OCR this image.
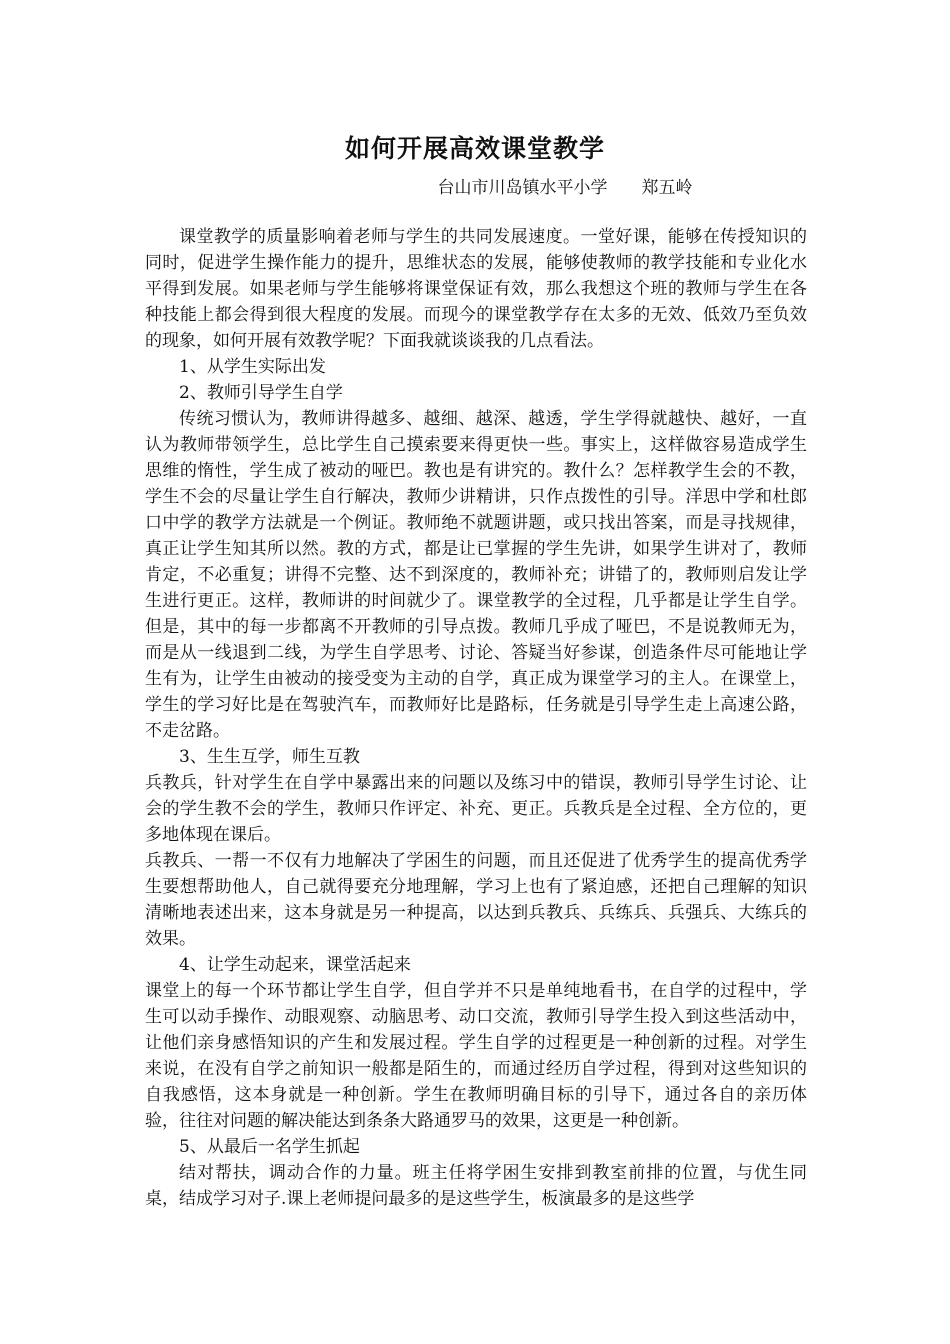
如何开展高效课堂教学
台山市川岛镇水平小学 郑五岭

课堂教学的质量影响着老师与学生的共同发展速度。一堂好课，能够在传授知识的同时，促进学生操作能力的提升，思维状态的发展，能够使教师的教学技能和专业化水平得到发展。如果老师与学生能够将课堂保证有效，那么我想这个班的教师与学生在各种技能上都会得到很大程度的发展。而现今的课堂教学存在太多的无效、低效乃至负效的现象，如何开展有效教学呢？下面我就谈谈我的几点看法。

1、从学生实际出发

2、教师引导学生自学

传统习惯认为，教师讲得越多、越细、越深、越透，学生学得就越快、越好，一直认为教师带领学生，总比学生自己摸索要来得更快一些。事实上，这样做容易造成学生思维的惰性，学生成了被动的哑巴。教也是有讲究的。教什么？怎样教学生会的不教，学生不会的尽量让学生自行解决，教师少讲精讲，只作点拨性的引导。洋思中学和杜郎口中学的教学方法就是一个例证。教师绝不就题讲题，或只找出答案，而是寻找规律，真正让学生知其所以然。教的方式，都是让已掌握的学生先讲，如果学生讲对了，教师肯定，不必重复；讲得不完整、达不到深度的，教师补充；讲错了的，教师则启发让学生进行更正。这样，教师讲的时间就少了。课堂教学的全过程，几乎都是让学生自学。但是，其中的每一步都离不开教师的引导点拨。教师几乎成了哑巴，不是说教师无为，而是从一线退到二线，为学生自学思考、讨论、答疑当好参谋，创造条件尽可能地让学生有为，让学生由被动的接受变为主动的自学，真正成为课堂学习的主人。在课堂上，学生的学习好比是在驾驶汽车，而教师好比是路标，任务就是引导学生走上高速公路，不走岔路。

3、生生互学，师生互教

兵教兵，针对学生在自学中暴露出来的问题以及练习中的错误，教师引导学生讨论、让会的学生教不会的学生，教师只作评定、补充、更正。兵教兵是全过程、全方位的，更多地体现在课后。

兵教兵、一帮一不仅有力地解决了学困生的问题，而且还促进了优秀学生的提高优秀学生要想帮助他人，自己就得要充分地理解，学习上也有了紧迫感，还把自己理解的知识清晰地表述出来，这本身就是另一种提高，以达到兵教兵、兵练兵、兵强兵、大练兵的效果。

4、让学生动起来，课堂活起来

课堂上的每一个环节都让学生自学，但自学并不只是单纯地看书，在自学的过程中，学生可以动手操作、动眼观察、动脑思考、动口交流，教师引导学生投入到这些活动中，让他们亲身感悟知识的产生和发展过程。学生自学的过程更是一种创新的过程。对学生来说，在没有自学之前知识一般都是陌生的，而通过经历自学过程，得到对这些知识的自我感悟，这本身就是一种创新。学生在教师明确目标的引导下，通过各自的亲历体验，往往对问题的解决能达到条条大路通罗马的效果，这更是一种创新。

5、从最后一名学生抓起

结对帮扶，调动合作的力量。班主任将学困生安排到教室前排的位置，与优生同桌，结成学习对子.课上老师提问最多的是这些学生，板演最多的是这些学
